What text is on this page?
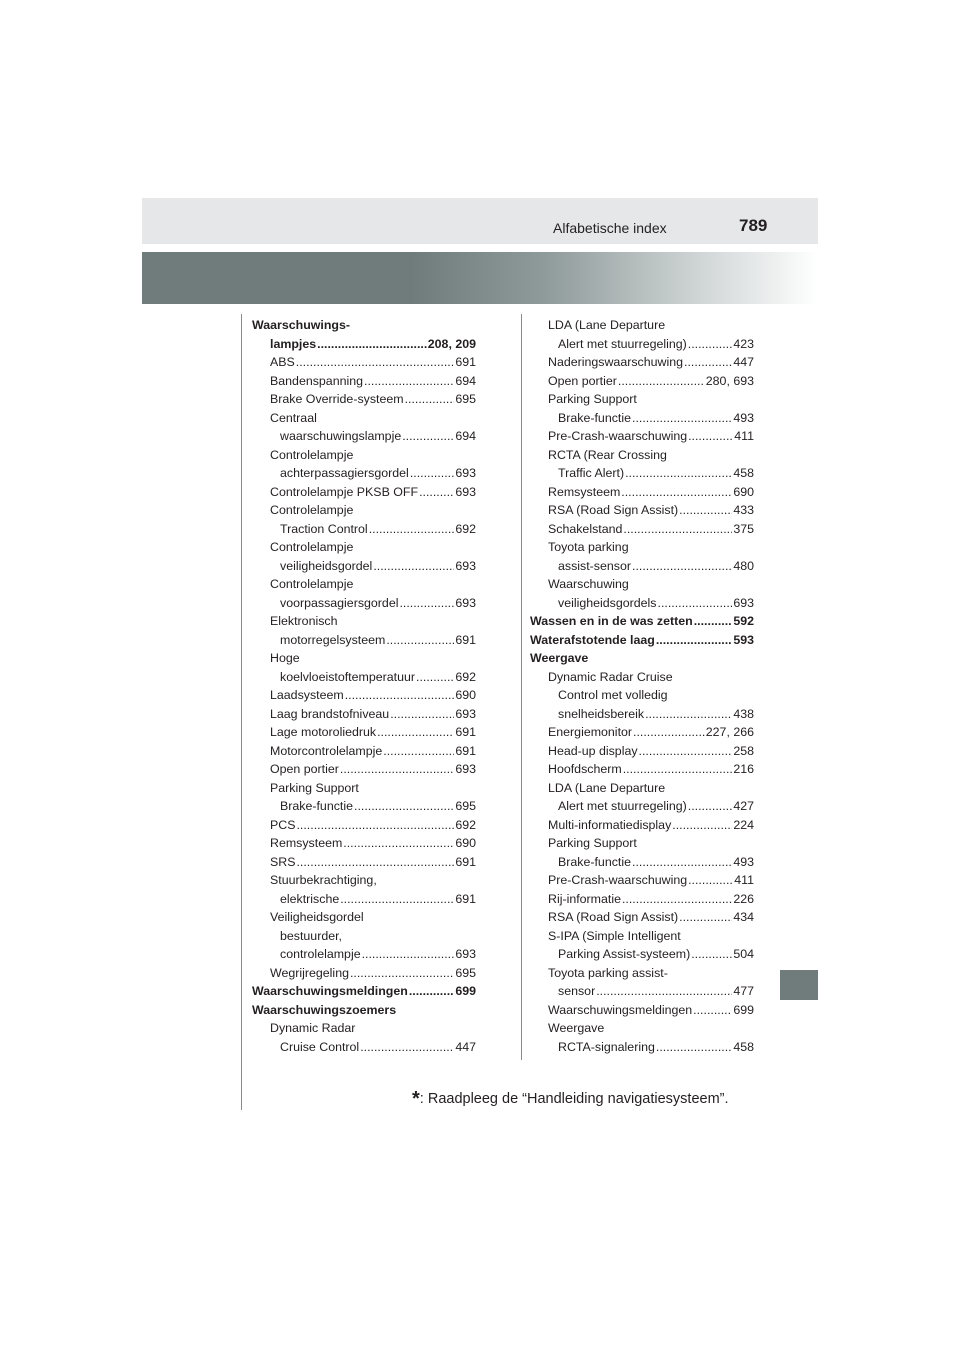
Alfabetische index	789
Waarschuwings-
lampjes .....	208, 209
ABS .....	691
Bandenspanning .....	694
Brake Override-systeem .....	695
Centraal
waarschuwingslampje .....	694
Controlelampje
achterpassagiersgordel .....	693
Controlelampje PKSB OFF .....	693
Controlelampje
Traction Control .....	692
Controlelampje
veiligheidsgordel .....	693
Controlelampje
voorpassagiersgordel .....	693
Elektronisch
motorregelsysteem .....	691
Hoge
koelvloeistoftemperatuur .....	692
Laadsysteem .....	690
Laag brandstofniveau .....	693
Lage motoroliedruk .....	691
Motorcontrolelampje .....	691
Open portier .....	693
Parking Support
Brake-functie .....	695
PCS .....	692
Remsysteem .....	690
SRS .....	691
Stuurbekrachtiging,
elektrische .....	691
Veiligheidsgordel
bestuurder,
controlelampje .....	693
Wegrijregeling .....	695
Waarschuwingsmeldingen .....	699
Waarschuwingszoemers
Dynamic Radar
Cruise Control .....	447
LDA (Lane Departure
Alert met stuurregeling) .....	423
Naderingswaarschuwing .....	447
Open portier .....	280, 693
Parking Support
Brake-functie .....	493
Pre-Crash-waarschuwing .....	411
RCTA (Rear Crossing
Traffic Alert) .....	458
Remsysteem .....	690
RSA (Road Sign Assist) .....	433
Schakelstand .....	375
Toyota parking
assist-sensor .....	480
Waarschuwing
veiligheidsgordels .....	693
Wassen en in de was zetten .....	592
Waterafstotende laag .....	593
Weergave
Dynamic Radar Cruise
Control met volledig
snelheidsbereik .....	438
Energiemonitor .....	227, 266
Head-up display .....	258
Hoofdscherm .....	216
LDA (Lane Departure
Alert met stuurregeling) .....	427
Multi-informatiedisplay .....	224
Parking Support
Brake-functie .....	493
Pre-Crash-waarschuwing .....	411
Rij-informatie .....	226
RSA (Road Sign Assist) .....	434
S-IPA (Simple Intelligent
Parking Assist-systeem) .....	504
Toyota parking assist-
sensor .....	477
Waarschuwingsmeldingen .....	699
Weergave
RCTA-signalering .....	458
*: Raadpleeg de “Handleiding navigatiesysteem”.
